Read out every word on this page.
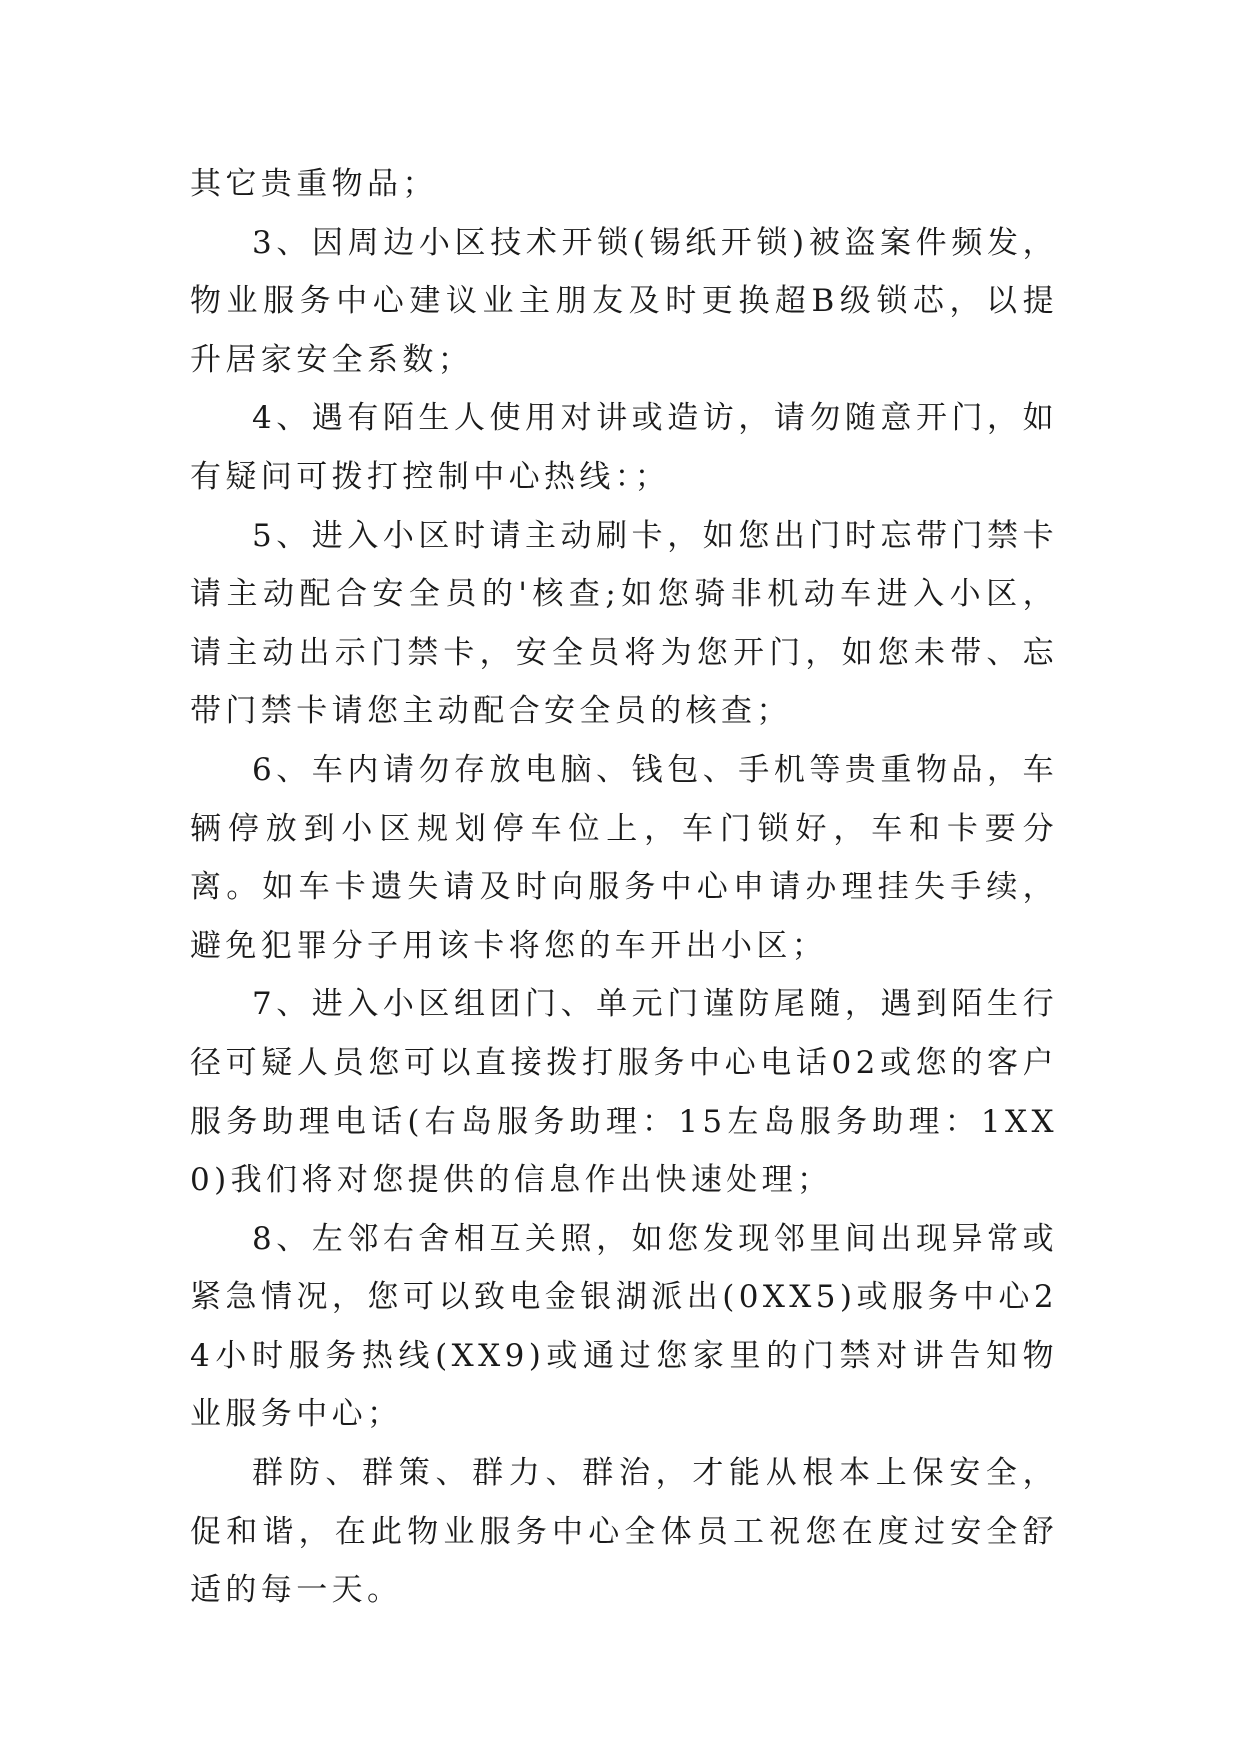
其它贵重物品；

3、因周边小区技术开锁(锡纸开锁)被盗案件频发，物业服务中心建议业主朋友及时更换超B级锁芯，以提升居家安全系数；

4、遇有陌生人使用对讲或造访，请勿随意开门，如有疑问可拨打控制中心热线：；

5、进入小区时请主动刷卡，如您出门时忘带门禁卡请主动配合安全员的'核查;如您骑非机动车进入小区，请主动出示门禁卡，安全员将为您开门，如您未带、忘带门禁卡请您主动配合安全员的核查；

6、车内请勿存放电脑、钱包、手机等贵重物品，车辆停放到小区规划停车位上，车门锁好，车和卡要分离。如车卡遗失请及时向服务中心申请办理挂失手续，避免犯罪分子用该卡将您的车开出小区；

7、进入小区组团门、单元门谨防尾随，遇到陌生行径可疑人员您可以直接拨打服务中心电话02或您的客户服务助理电话(右岛服务助理：15左岛服务助理：1XX0)我们将对您提供的信息作出快速处理；

8、左邻右舍相互关照，如您发现邻里间出现异常或紧急情况，您可以致电金银湖派出(0XX5)或服务中心24小时服务热线(XX9)或通过您家里的门禁对讲告知物业服务中心；

群防、群策、群力、群治，才能从根本上保安全，促和谐，在此物业服务中心全体员工祝您在度过安全舒适的每一天。
